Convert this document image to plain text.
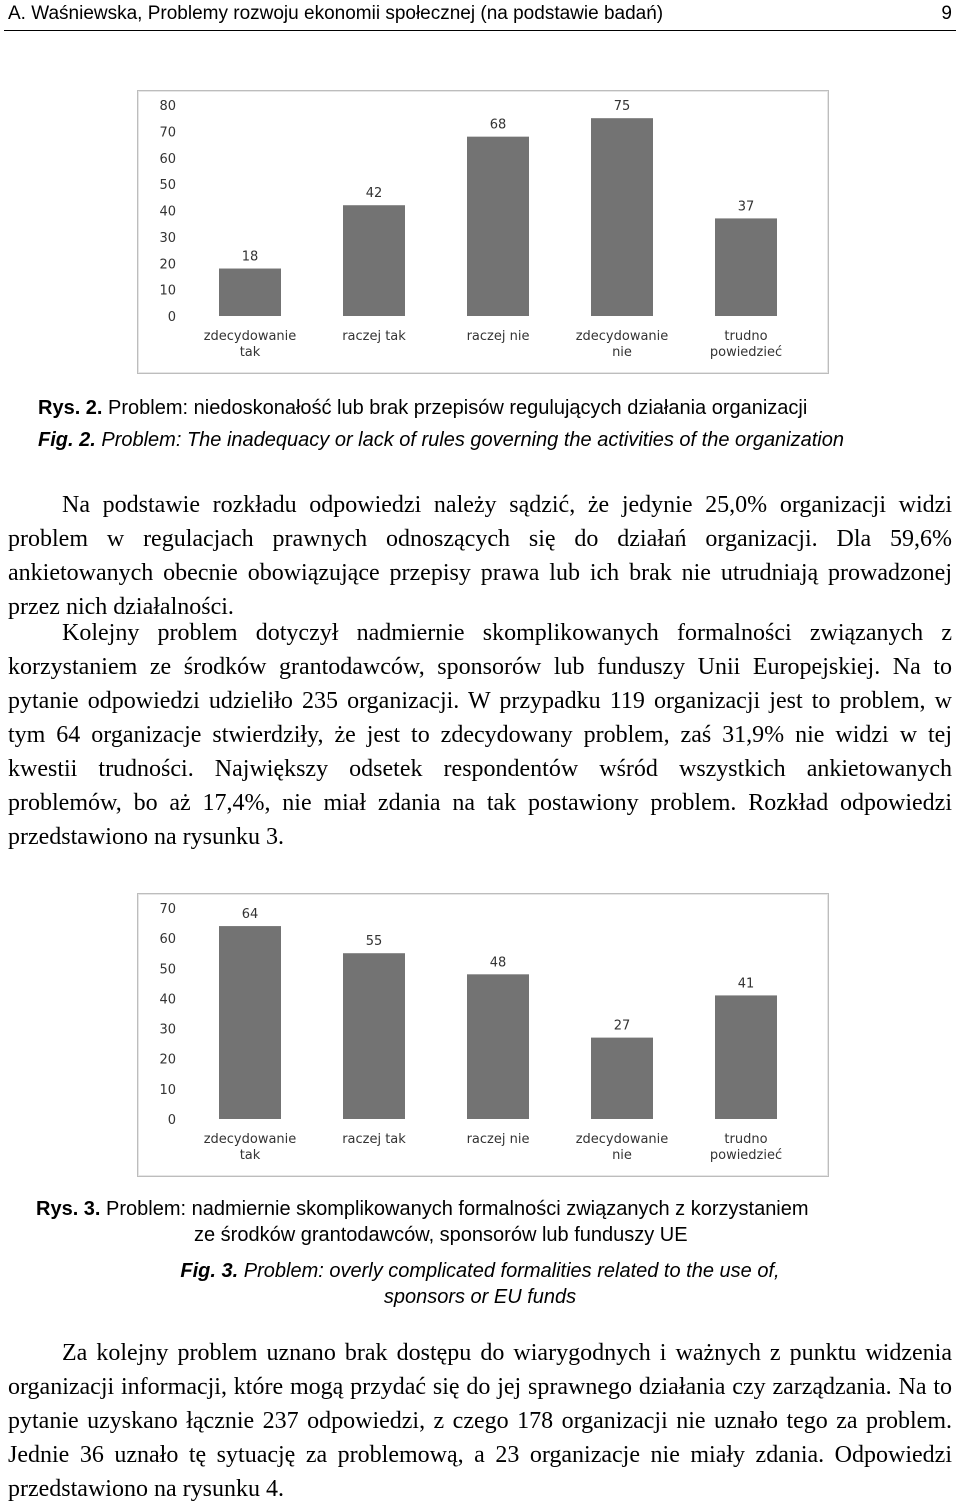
A. Waśniewska, Problemy rozwoju ekonomii społecznej (na podstawie badań)	9
0
10
20
30
40
50
60
70
80
18
zdecydowanie
tak
42
raczej tak
68
raczej nie
75
zdecydowanie
nie
37
trudno
powiedzieć
Rys. 2. Problem: niedoskonałość lub brak przepisów regulujących działania organizacji
Fig. 2. Problem: The inadequacy or lack of rules governing the activities of the organization

Na podstawie rozkładu odpowiedzi należy sądzić, że jedynie 25,0% organizacji widzi problem w regulacjach prawnych odnoszących się do działań organizacji. Dla 59,6% ankietowanych obecnie obowiązujące przepisy prawa lub ich brak nie utrudniają prowadzonej przez nich działalności.

Kolejny problem dotyczył nadmiernie skomplikowanych formalności związanych z korzystaniem ze środków grantodawców, sponsorów lub funduszy Unii Europejskiej. Na to pytanie odpowiedzi udzieliło 235 organizacji. W przypadku 119 organizacji jest to problem, w tym 64 organizacje stwierdziły, że jest to zdecydowany problem, zaś 31,9% nie widzi w tej kwestii trudności. Największy odsetek respondentów wśród wszystkich ankietowanych problemów, bo aż 17,4%, nie miał zdania na tak postawiony problem. Rozkład odpowiedzi przedstawiono na rysunku 3.

0
10
20
30
40
50
60
70	64
zdecydowanie
tak
55
raczej tak
48
raczej nie
27
zdecydowanie
nie
41
trudno
powiedzieć
Rys. 3. Problem: nadmiernie skomplikowanych formalności związanych z korzystaniem
ze środków grantodawców, sponsorów lub funduszy UE
Fig. 3. Problem: overly complicated formalities related to the use of,
sponsors or EU funds

Za kolejny problem uznano brak dostępu do wiarygodnych i ważnych z punktu widzenia organizacji informacji, które mogą przydać się do jej sprawnego działania czy zarządzania. Na to pytanie uzyskano łącznie 237 odpowiedzi, z czego 178 organizacji nie uznało tego za problem. Jednie 36 uznało tę sytuację za problemową, a 23 organizacje nie miały zdania. Odpowiedzi przedstawiono na rysunku 4.
